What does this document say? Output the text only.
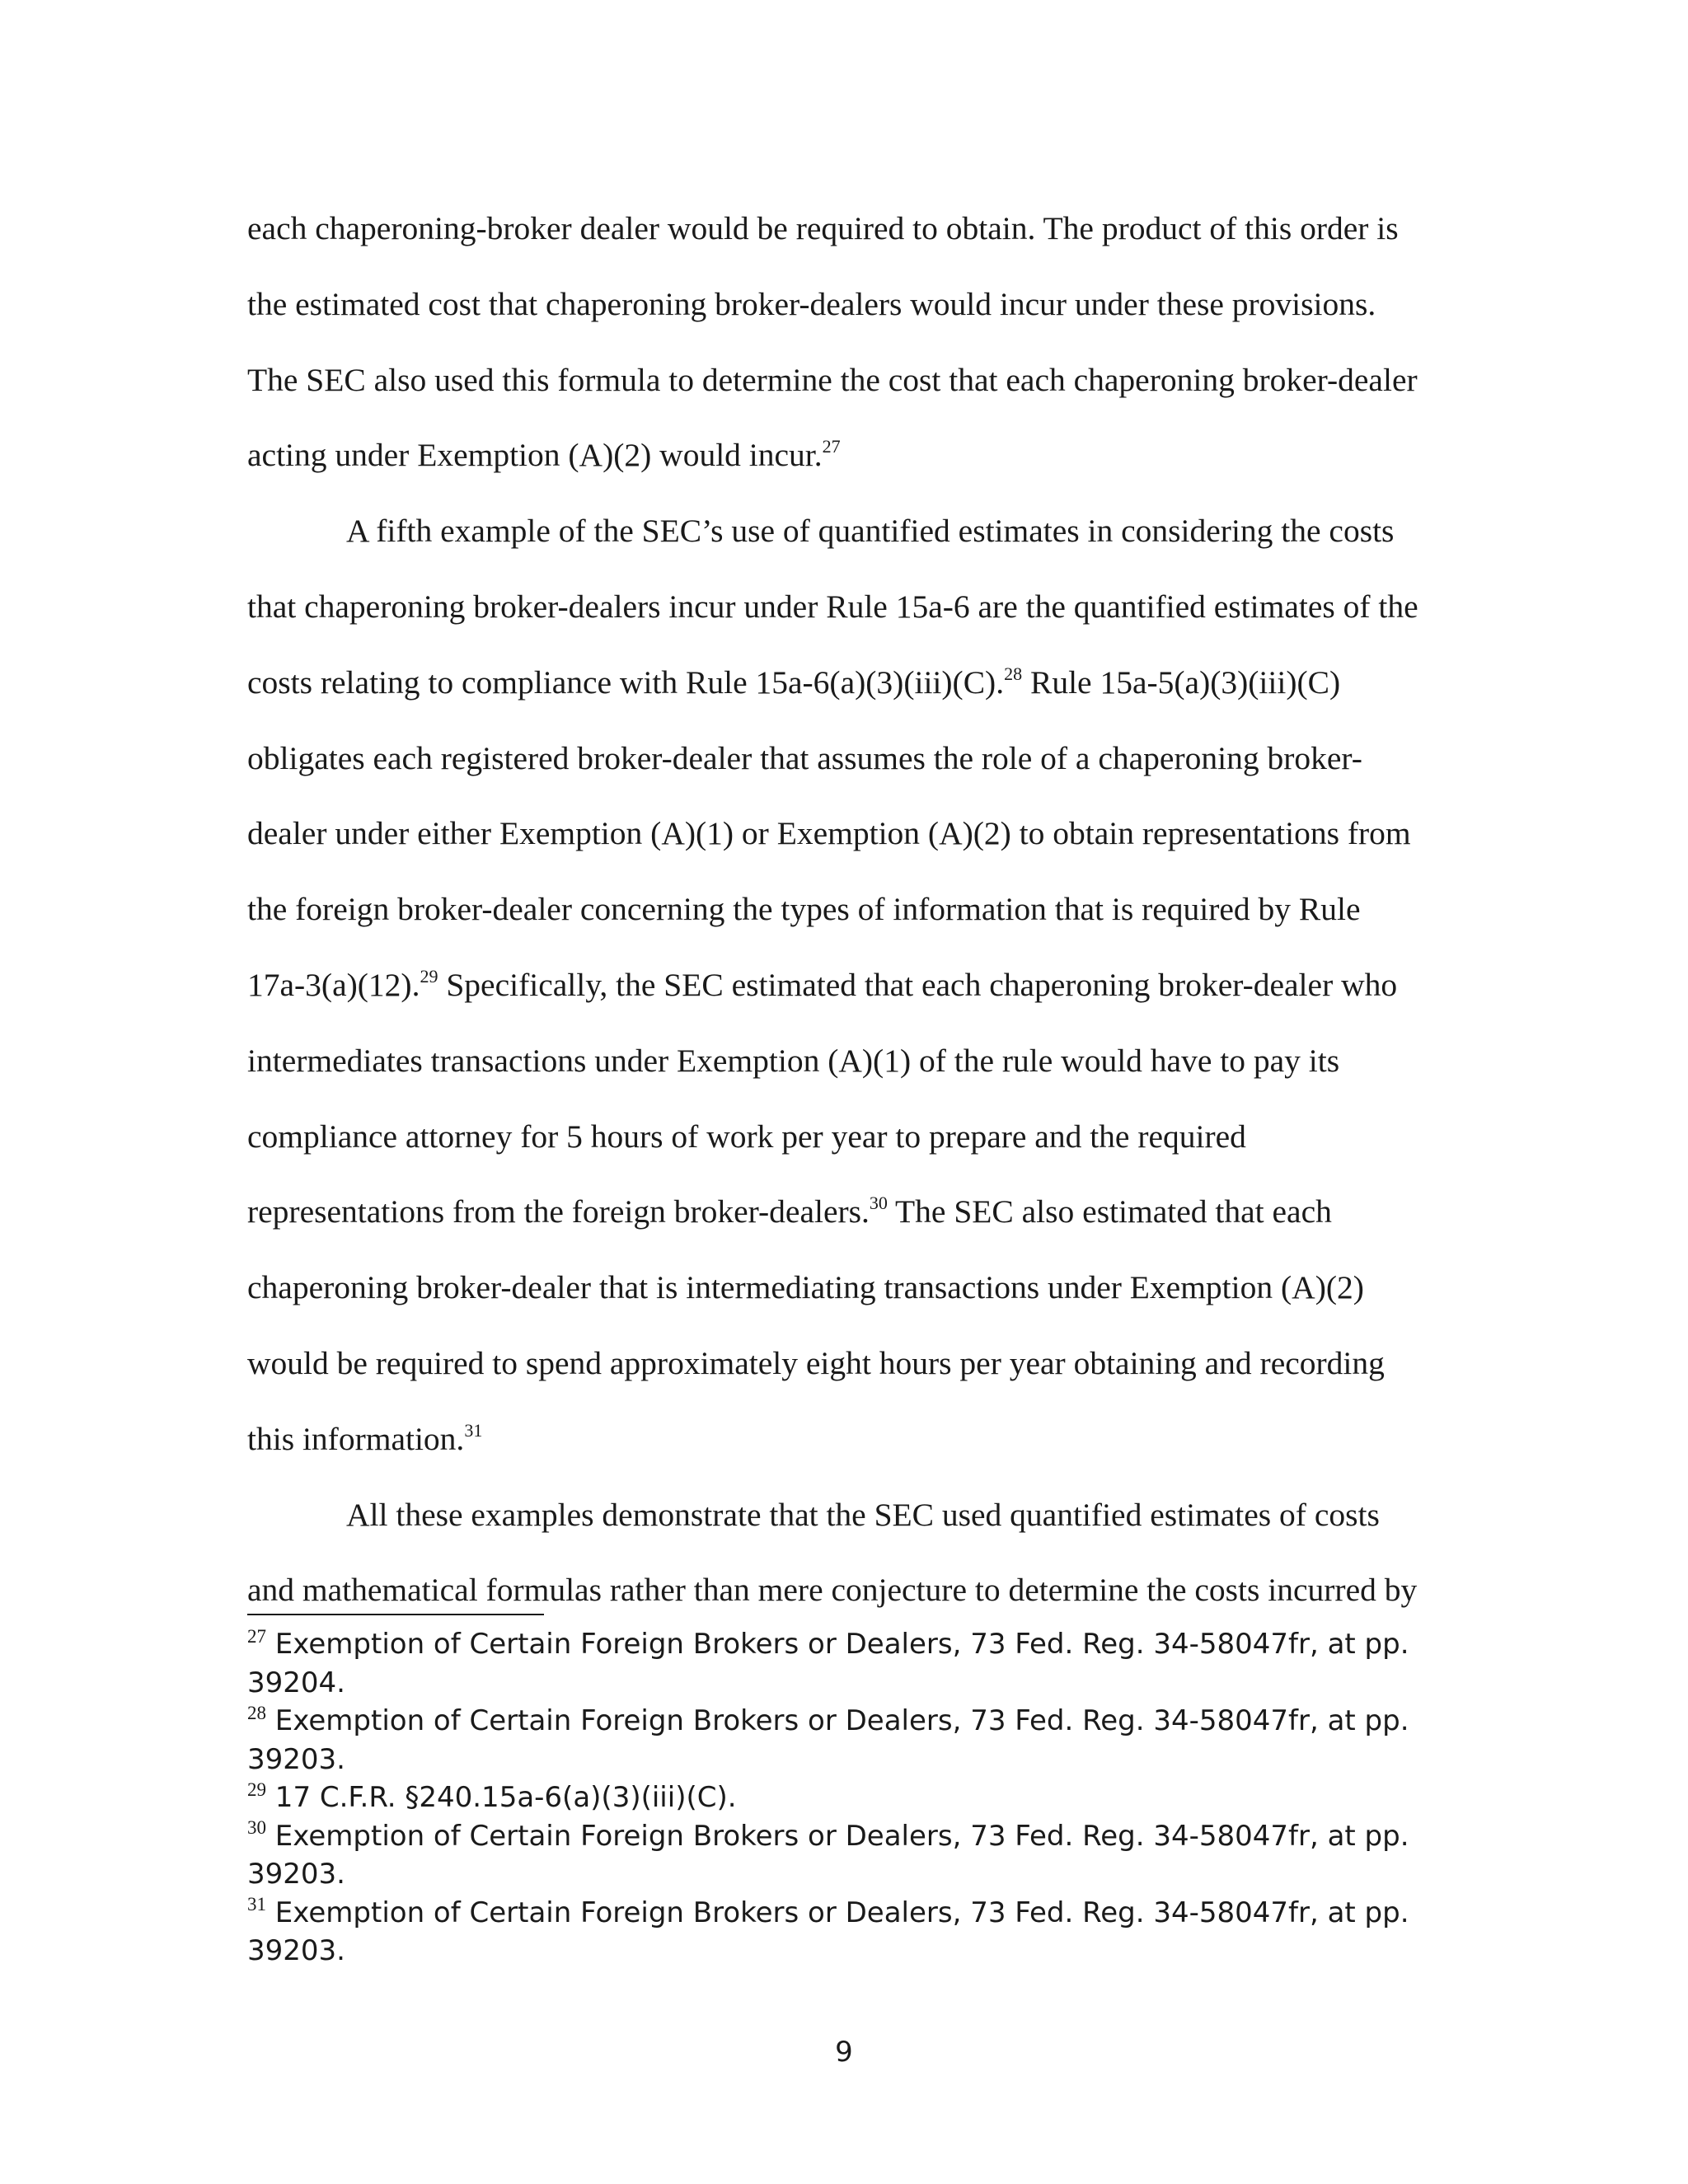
each chaperoning-broker dealer would be required to obtain. The product of this order is
the estimated cost that chaperoning broker-dealers would incur under these provisions.
The SEC also used this formula to determine the cost that each chaperoning broker-dealer
acting under Exemption (A)(2) would incur.$^{27}$
A fifth example of the SEC’s use of quantified estimates in considering the costs
that chaperoning broker-dealers incur under Rule 15a-6 are the quantified estimates of the
costs relating to compliance with Rule 15a-6(a)(3)(iii)(C).$^{28}$ Rule 15a-5(a)(3)(iii)(C)
obligates each registered broker-dealer that assumes the role of a chaperoning broker-
dealer under either Exemption (A)(1) or Exemption (A)(2) to obtain representations from
the foreign broker-dealer concerning the types of information that is required by Rule
17a-3(a)(12).$^{29}$ Specifically, the SEC estimated that each chaperoning broker-dealer who
intermediates transactions under Exemption (A)(1) of the rule would have to pay its
compliance attorney for 5 hours of work per year to prepare and the required
representations from the foreign broker-dealers.$^{30}$ The SEC also estimated that each
chaperoning broker-dealer that is intermediating transactions under Exemption (A)(2)
would be required to spend approximately eight hours per year obtaining and recording
this information.$^{31}$
All these examples demonstrate that the SEC used quantified estimates of costs
and mathematical formulas rather than mere conjecture to determine the costs incurred by
$^{27}$ Exemption of Certain Foreign Brokers or Dealers, 73 Fed. Reg. 34-58047fr, at pp.
39204.
$^{28}$ Exemption of Certain Foreign Brokers or Dealers, 73 Fed. Reg. 34-58047fr, at pp.
39203.
$^{29}$ 17 C.F.R. §240.15a-6(a)(3)(iii)(C).
$^{30}$ Exemption of Certain Foreign Brokers or Dealers, 73 Fed. Reg. 34-58047fr, at pp.
39203.
$^{31}$ Exemption of Certain Foreign Brokers or Dealers, 73 Fed. Reg. 34-58047fr, at pp.
39203.
9
